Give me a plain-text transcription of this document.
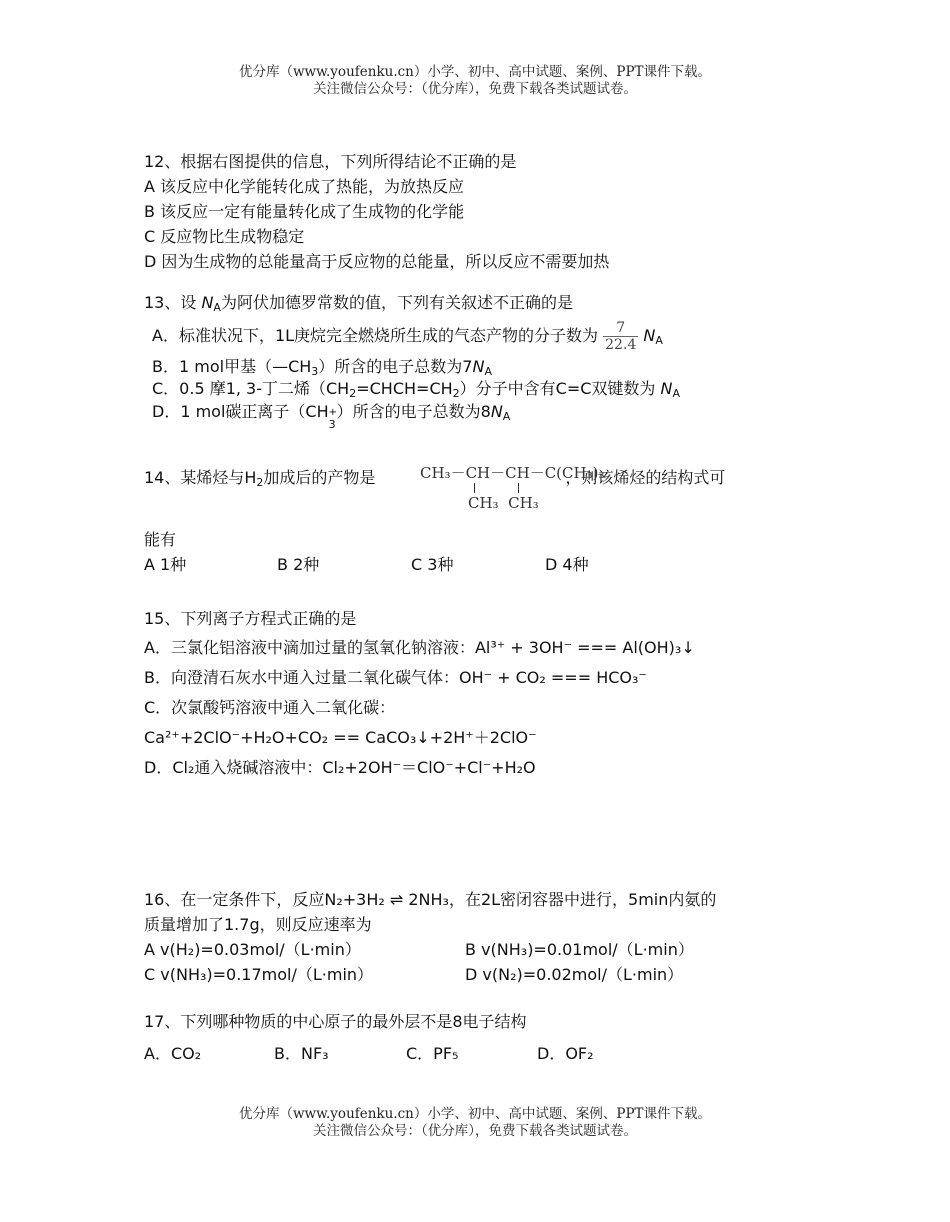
优分库（www.youfenku.cn）小学、初中、高中试题、案例、PPT课件下载。
关注微信公众号：（优分库），免费下载各类试题试卷。
12、根据右图提供的信息，下列所得结论不正确的是
A 该反应中化学能转化成了热能，为放热反应
B 该反应一定有能量转化成了生成物的化学能
C 反应物比生成物稳定
D 因为生成物的总能量高于反应物的总能量，所以反应不需要加热
13、设 $N_A$为阿伏加德罗常数的值，下列有关叙述不正确的是
A．标准状况下，1L庚烷完全燃烧所生成的气态产物的分子数为 $\frac{7}{22.4} N_A$
B．1 mol甲基$(—CH_3)$所含的电子总数为$7N_A$
C．0.5 摩1, 3-丁二烯$(CH_2=CHCH=CH_2)$分子中含有C=C双键数为 $N_A$
D．1 mol碳正离子（CH +
3
）所含的电子总数为$8N_A$
14、某烯烃与$H_2$加成后的产物是	，则该烯烃的结构式可
CH₃－CH－CH－C(CH₃)₃
CH₃  CH₃
能有
A 1种	B 2种	C 3种	D 4种
15、下列离子方程式正确的是
A．三氯化铝溶液中滴加过量的氢氧化钠溶液：Al³⁺ + 3OH⁻ === Al(OH)₃↓
B．向澄清石灰水中通入过量二氧化碳气体：OH⁻ + CO₂ === HCO₃⁻
C．次氯酸钙溶液中通入二氧化碳：
Ca²⁺+2ClO⁻+H₂O+CO₂ == CaCO₃↓+2H⁺＋2ClO⁻
D．Cl₂通入烧碱溶液中：Cl₂+2OH⁻＝ClO⁻+Cl⁻+H₂O
16、在一定条件下，反应N₂+3H₂ ⇌ 2NH₃，在2L密闭容器中进行，5min内氨的
质量增加了1.7g，则反应速率为
A v(H₂)=0.03mol/（L·min）	B v(NH₃)=0.01mol/（L·min）
C v(NH₃)=0.17mol/（L·min）	D v(N₂)=0.02mol/（L·min）
17、下列哪种物质的中心原子的最外层不是8电子结构
A．CO₂	B．NF₃	C．PF₅	D．OF₂
优分库（www.youfenku.cn）小学、初中、高中试题、案例、PPT课件下载。
关注微信公众号：（优分库），免费下载各类试题试卷。
